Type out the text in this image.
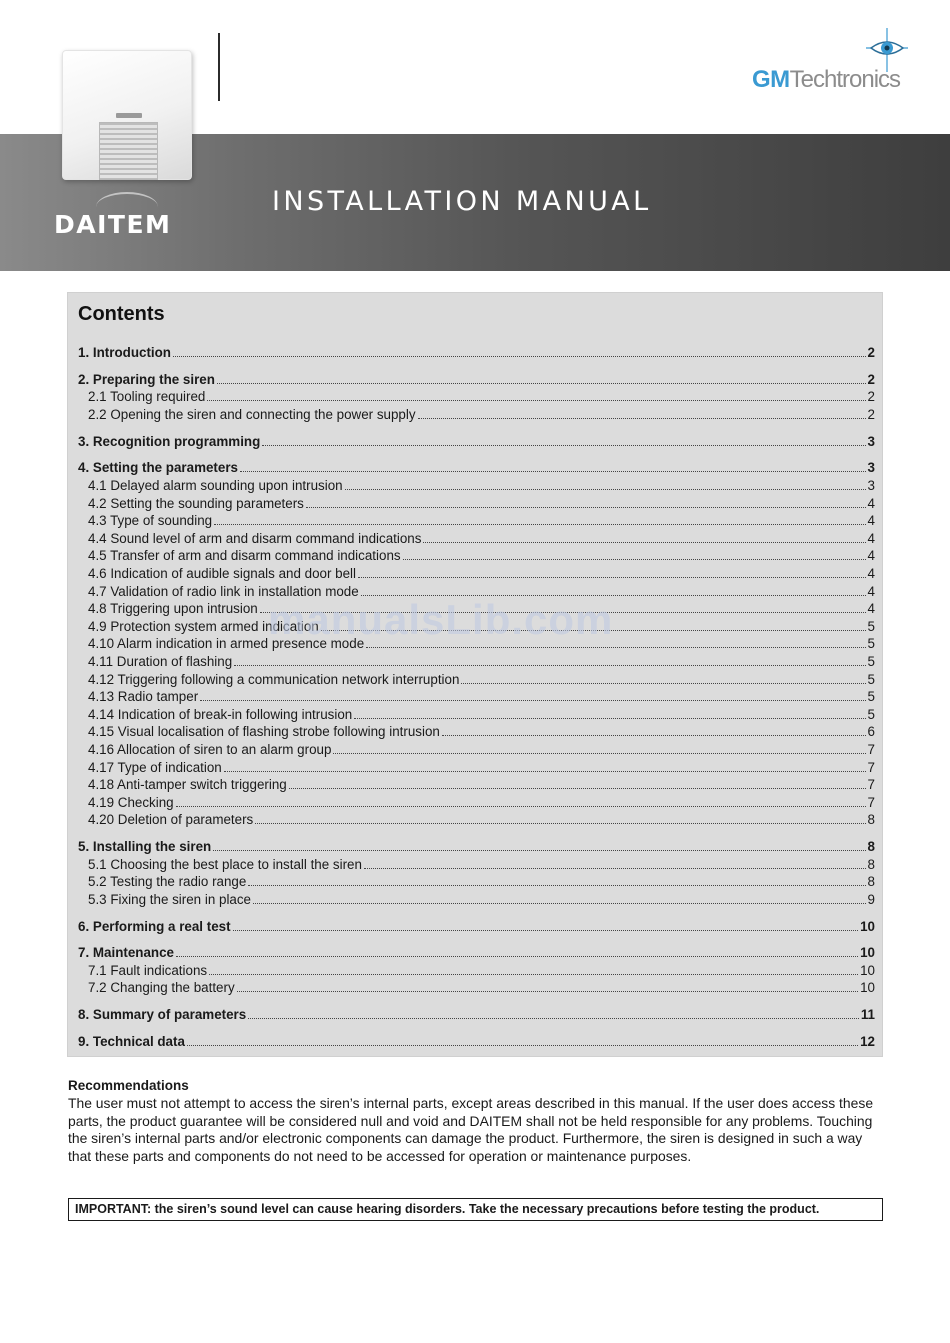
DAITEM
INSTALLATION MANUAL
GMTechtronics
Contents
1. Introduction	2
2. Preparing the siren	2
2.1 Tooling required	2
2.2 Opening the siren and connecting the power supply	2
3. Recognition programming	3
4. Setting the parameters	3
4.1 Delayed alarm sounding upon intrusion	3
4.2 Setting the sounding parameters	4
4.3 Type of sounding	4
4.4 Sound level of arm and disarm command indications	4
4.5 Transfer of arm and disarm command indications	4
4.6 Indication of audible signals and door bell	4
4.7 Validation of radio link in installation mode	4
4.8 Triggering upon intrusion	4
4.9 Protection system armed indication	5
4.10 Alarm indication in armed presence mode	5
4.11 Duration of flashing	5
4.12 Triggering following a communication network interruption	5
4.13 Radio tamper	5
4.14 Indication of break-in following intrusion	5
4.15 Visual localisation of flashing strobe following intrusion	6
4.16 Allocation of siren to an alarm group	7
4.17 Type of indication	7
4.18 Anti-tamper switch triggering	7
4.19 Checking	7
4.20 Deletion of parameters	8
5. Installing the siren	8
5.1 Choosing the best place to install the siren	8
5.2 Testing the radio range	8
5.3 Fixing the siren in place	9
6. Performing a real test	10
7. Maintenance	10
7.1 Fault indications	10
7.2 Changing the battery	10
8. Summary of parameters	11
9. Technical data	12
manualsLib.com
Recommendations

The user must not attempt to access the siren’s internal parts, except areas described in this manual. If the user does access these parts, the product guarantee will be considered null and void and DAITEM shall not be held responsible for any problems. Touching the siren’s internal parts and/or electronic components can damage the product. Furthermore, the siren is designed in such a way that these parts and components do not need to be accessed for operation or maintenance purposes.

IMPORTANT: the siren’s sound level can cause hearing disorders. Take the necessary precautions before testing the product.
